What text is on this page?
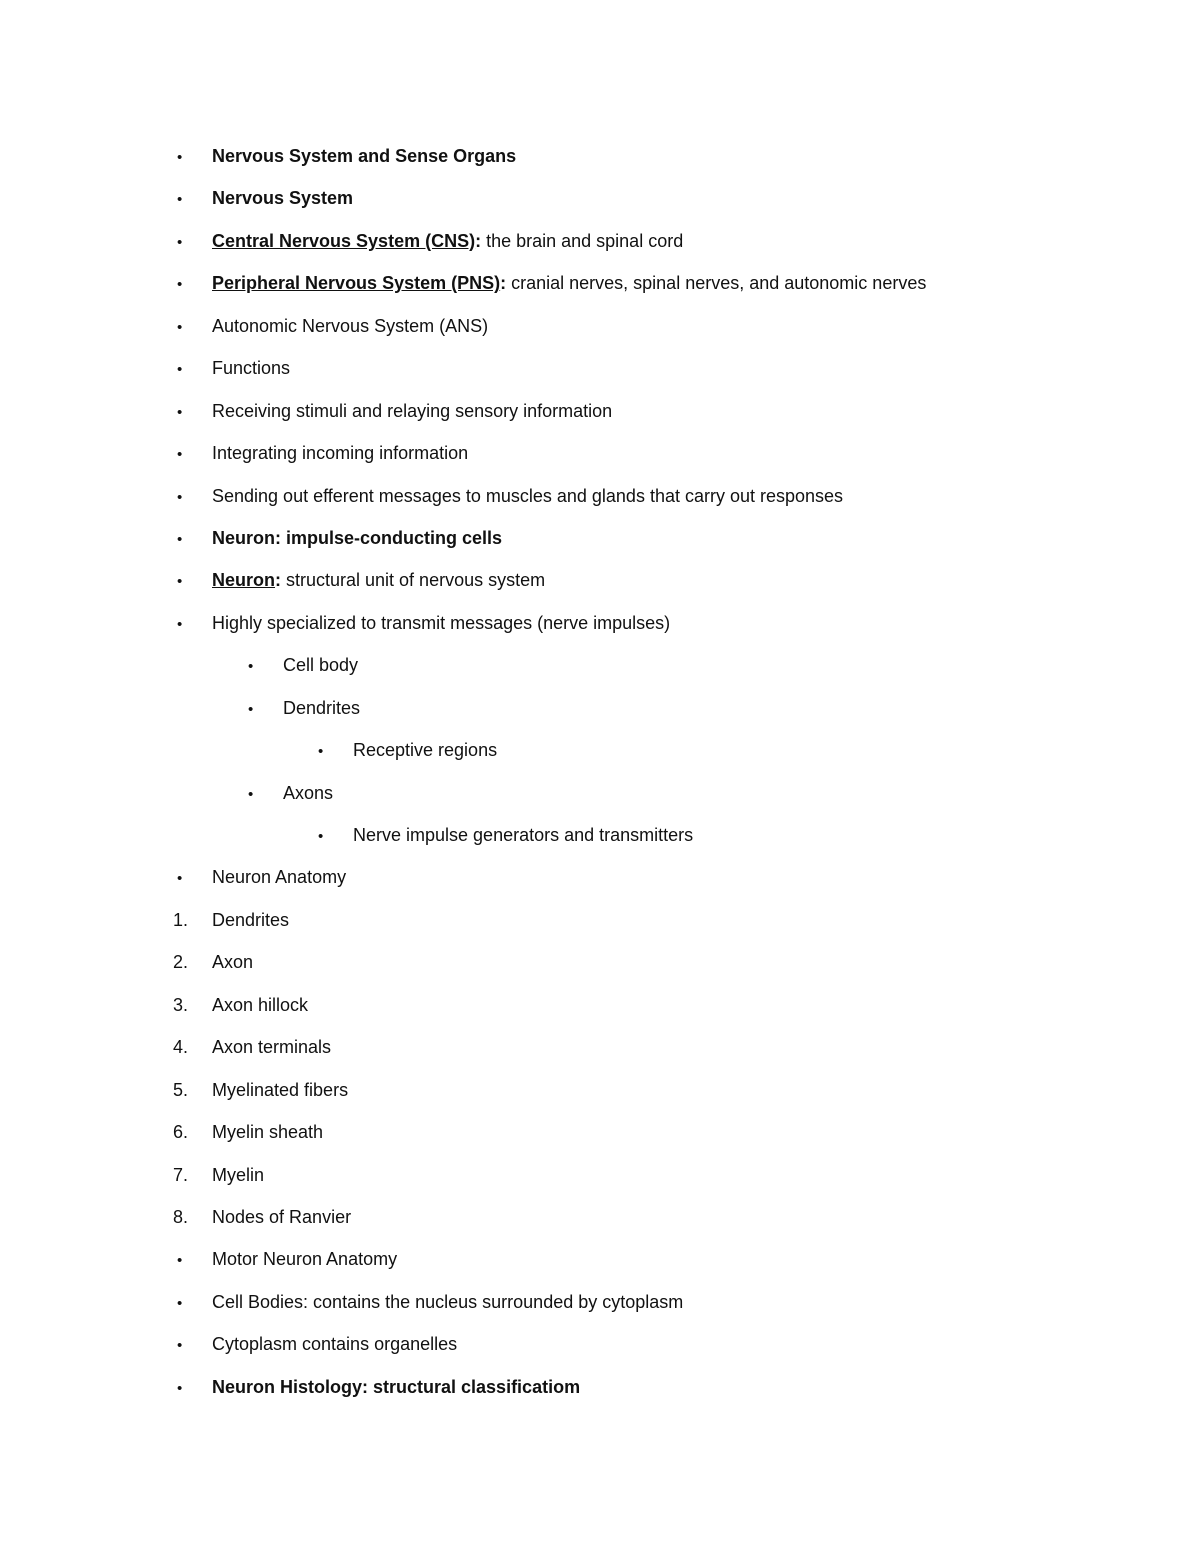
•
Nervous System and Sense Organs
•
Nervous System
•
Central Nervous System (CNS): the brain and spinal cord
•
Peripheral Nervous System (PNS): cranial nerves, spinal nerves, and autonomic nerves
•
Autonomic Nervous System (ANS)
•
Functions
•
Receiving stimuli and relaying sensory information
•
Integrating incoming information
•
Sending out efferent messages to muscles and glands that carry out responses
•
Neuron: impulse-conducting cells
•
Neuron: structural unit of nervous system
•
Highly specialized to transmit messages (nerve impulses)
•
Cell body
•
Dendrites
•
Receptive regions
•
Axons
•
Nerve impulse generators and transmitters
•
Neuron Anatomy
1. Dendrites
2. Axon
3. Axon hillock
4. Axon terminals
5. Myelinated fibers
6. Myelin sheath
7. Myelin
8. Nodes of Ranvier
•
Motor Neuron Anatomy
•
Cell Bodies: contains the nucleus surrounded by cytoplasm
•
Cytoplasm contains organelles
•
Neuron Histology: structural classificatiom
